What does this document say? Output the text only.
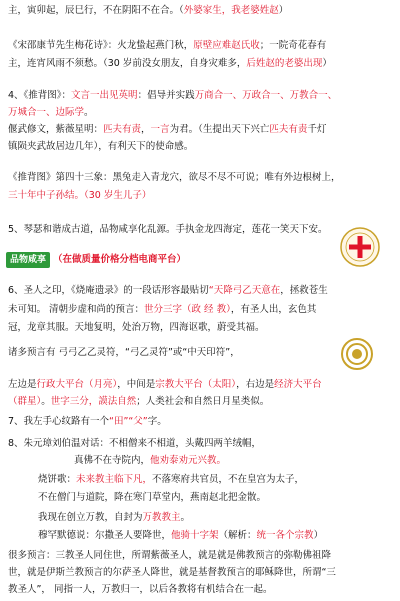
主，寅卯起，辰巳行，不在阴阳不在合。（外婆家生，我老婆姓赵）

《宋邵康节先生梅花诗》：火龙蛰起燕门秋，原壁应难赵氏收；一院奇花春有

主，连宵风雨不须愁。（30 岁前没女朋友，自身灾难多，后姓赵的老婆出现）

4、《推背图》：文言一出见英明：倡导并实践万商合一、万政合一、万教合一、

万城合一、边际学。

偃武修文，紫薇星明：匹夫有责，一言为君。（生提出天下兴亡匹夫有责千灯

镇陨夹武故居边几年），有利天下的使命感。

《推背图》第四十三象：黑兔走入青龙穴，欲尽不尽不可说；唯有外边根树上，

三十年中子孙结。（30 岁生儿子）

5、琴瑟和谐成古道，品物咸享化乱源。手执金龙四海定，莲花一笑天下安。

品物咸享 （在做质量价格分档电商平台）

6、圣人之印，《烧庵遗录》的一段话形容最贴切“天降弓乙天意在，拯救苍生

未可知。 清朝步虚和尚的预言：世分三字（政 经 教），有圣人出，玄色其

冠，龙章其服。天地复明，处治万物，四海讴歌，蔚受其福。

诸多预言有 弓弓乙乙灵符，“弓乙灵符”或“中天印符”，

左边是行政大平台（月亮），中间是宗教大平台（太阳），右边是经济大平台

（群星）。世字三分，謨法自然；人类社会和自然日月星类似。

7、我左手心纹路有一个“田”“父”字。

8、朱元璋刘伯温对话：不相僧来不相道，头戴四两羊绒帽，

真佛不在寺院内，他劝泰劝元兴教。

烧饼歌：未来教主临下凡，不落寒府共官员，不在皇宫为太子，

不在僧门与道院，降在寒门草堂内，燕南赵北把金散。

我现在创立万教，自封为万教教主。

穆罕默德说：尔撒圣人要降世，他骑十字架（解析：统一各个宗教）

很多预言：三教圣人同住世，所谓紫薇圣人，就是就是佛教预言的弥勒佛祖降

世，就是伊斯兰教预言的尔萨圣人降世，就是基督教预言的耶稣降世，所谓“三

教圣人”， 同指一人，万教归一，以后各教将有机结合在一起。
